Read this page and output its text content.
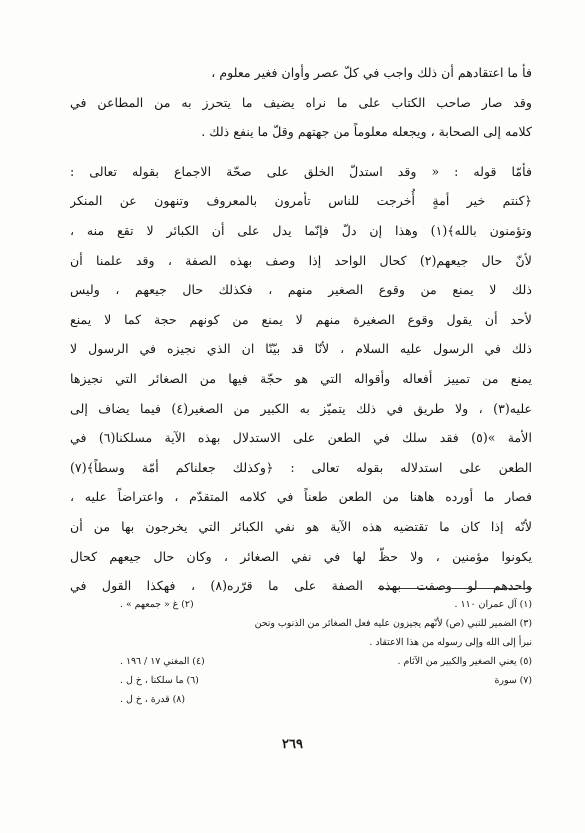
فأ ما اعتقادهم أن ذلك واجب في كلّ عصر وأوان فغير معلوم ،
وقد صار صاحب الكتاب على ما نراه يضيف ما يتحرز به من المطاعن في
كلامه إلى الصحابة ، ويجعله معلوماً من جهتهم وقلّ ما ينفع ذلك .
فأمّا قوله : « وقد استدلّ الخلق على صحّة الاجماع بقوله تعالى :
﴿كنتم خير أمةٍ أُخرجت للناس تأمرون بالمعروف وتنهون عن المنكر
وتؤمنون بالله﴾(١) وهذا إن دلّ فإنّما يدل على أن الكبائر لا تقع منه ،
لأنّ حال جيعهم(٢) كحال الواحد إذا وصف بهذه الصفة ، وقد علمنا أن
ذلك لا يمنع من وقوع الصغير منهم ، فكذلك حال جيعهم ، وليس
لأحد أن يقول وقوع الصغيرة منهم لا يمنع من كونهم حجة كما لا يمنع
ذلك في الرسول عليه السلام ، لأنّا قد بيّنّا ان الذي نجيزه في الرسول لا
يمنع من تمييز أفعاله وأقواله التي هو حجّة فيها من الصغائر التي نجيزها
عليه(٣) ، ولا طريق في ذلك يتميّز به الكبير من الصغير(٤) فيما يضاف إلى
الأمة »(٥) فقد سلك في الطعن على الاستدلال بهذه الآية مسلكنا(٦) في
الطعن على استدلاله بقوله تعالى : ﴿وكذلك جعلناكم أمّة وسطاً﴾(٧)
فصار ما أورده هاهنا من الطعن طعناً في كلامه المتقدّم ، واعتراضاً عليه ،
لأنّه إذا كان ما تقتضيه هذه الآية هو نفي الكبائر التي يخرجون بها من أن
يكونوا مؤمنين ، ولا حظّ لها في نفي الصغائر ، وكان حال جيعهم كحال
واحدهم لو وصفت بهذه الصفة على ما قرّره(٨) ، فهكذا القول في
(١) آل عمران ١١٠ .
(٢) غ « جمعهم » .
(٣) الضمير للنبي (ص) لأنّهم يجيزون عليه فعل الصغائر من الذنوب ونحن
نبرأ إلى الله وإلى رسوله من هذا الاعتقاد .
(٥) يعني الصغير والكبير من الآثام .
(٤) المغني ١٧ / ١٩٦ .
(٧) سورة
(٦) ما سلكنا ، خ ل .
(٨) قدرة ، خ ل .
٢٦٩
